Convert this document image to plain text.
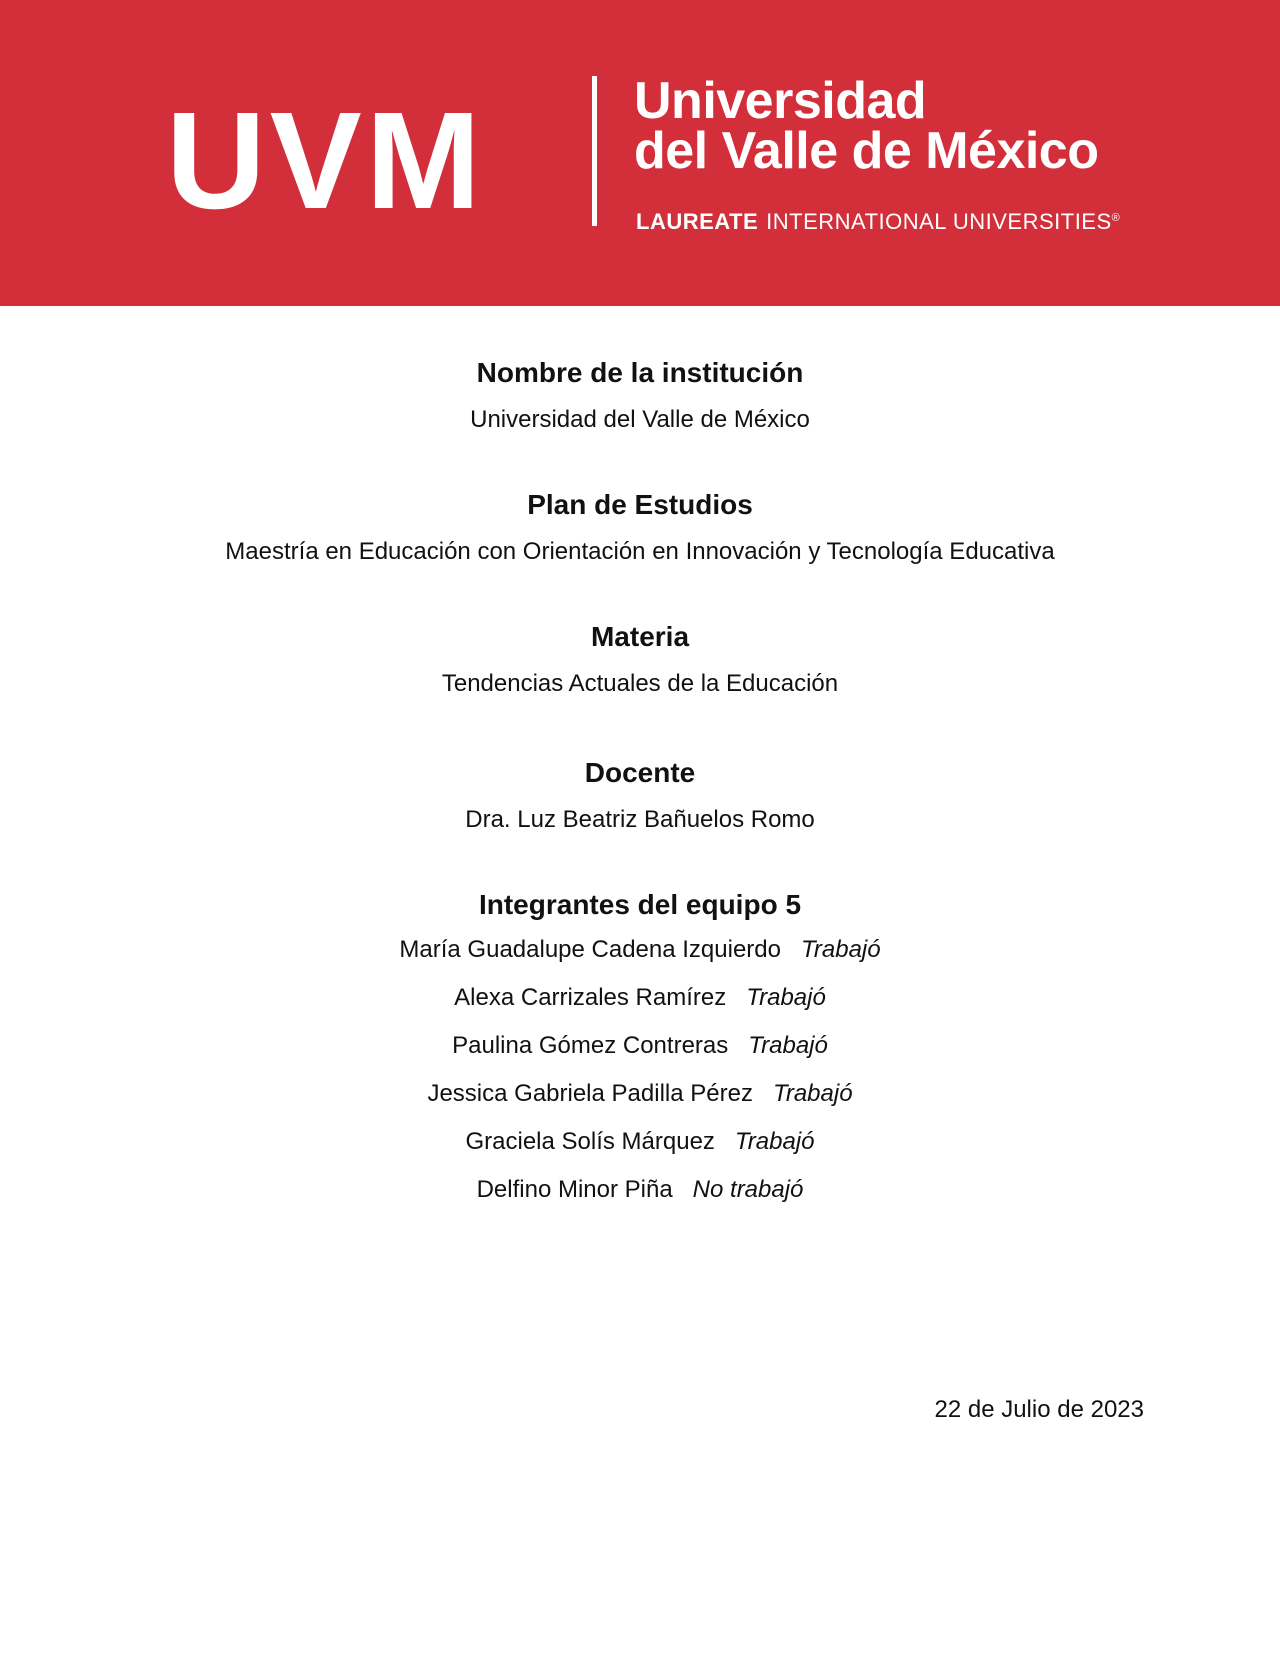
UVM	Universidad
del Valle de México
LAUREATE INTERNATIONAL UNIVERSITIES®
Nombre de la institución

Universidad del Valle de México

Plan de Estudios

Maestría en Educación con Orientación en Innovación y Tecnología Educativa

Materia

Tendencias Actuales de la Educación

Docente

Dra. Luz Beatriz Bañuelos Romo

Integrantes del equipo 5
María Guadalupe Cadena Izquierdo Trabajó
Alexa Carrizales Ramírez Trabajó
Paulina Gómez Contreras Trabajó
Jessica Gabriela Padilla Pérez Trabajó
Graciela Solís Márquez Trabajó
Delfino Minor Piña No trabajó
22 de Julio de 2023
